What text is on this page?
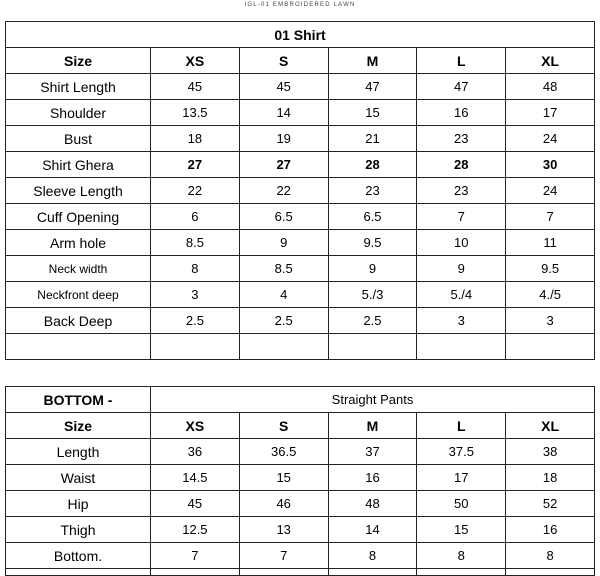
IGL-01 EMBROIDERED LAWN
01 Shirt					
Size	XS	S	M	L	XL
Shirt Length	45	45	47	47	48
Shoulder	13.5	14	15	16	17
Bust	18	19	21	23	24
Shirt Ghera	27	27	28	28	30
Sleeve Length	22	22	23	23	24
Cuff Opening	6	6.5	6.5	7	7
Arm hole	8.5	9	9.5	10	11
Neck width	8	8.5	9	9	9.5
Neckfront deep	3	4	5./3	5./4	4./5
Back Deep	2.5	2.5	2.5	3	3

BOTTOM -	Straight Pants				
Size	XS	S	M	L	XL
Length	36	36.5	37	37.5	38
Waist	14.5	15	16	17	18
Hip	45	46	48	50	52
Thigh	12.5	13	14	15	16
Bottom.	7	7	8	8	8
